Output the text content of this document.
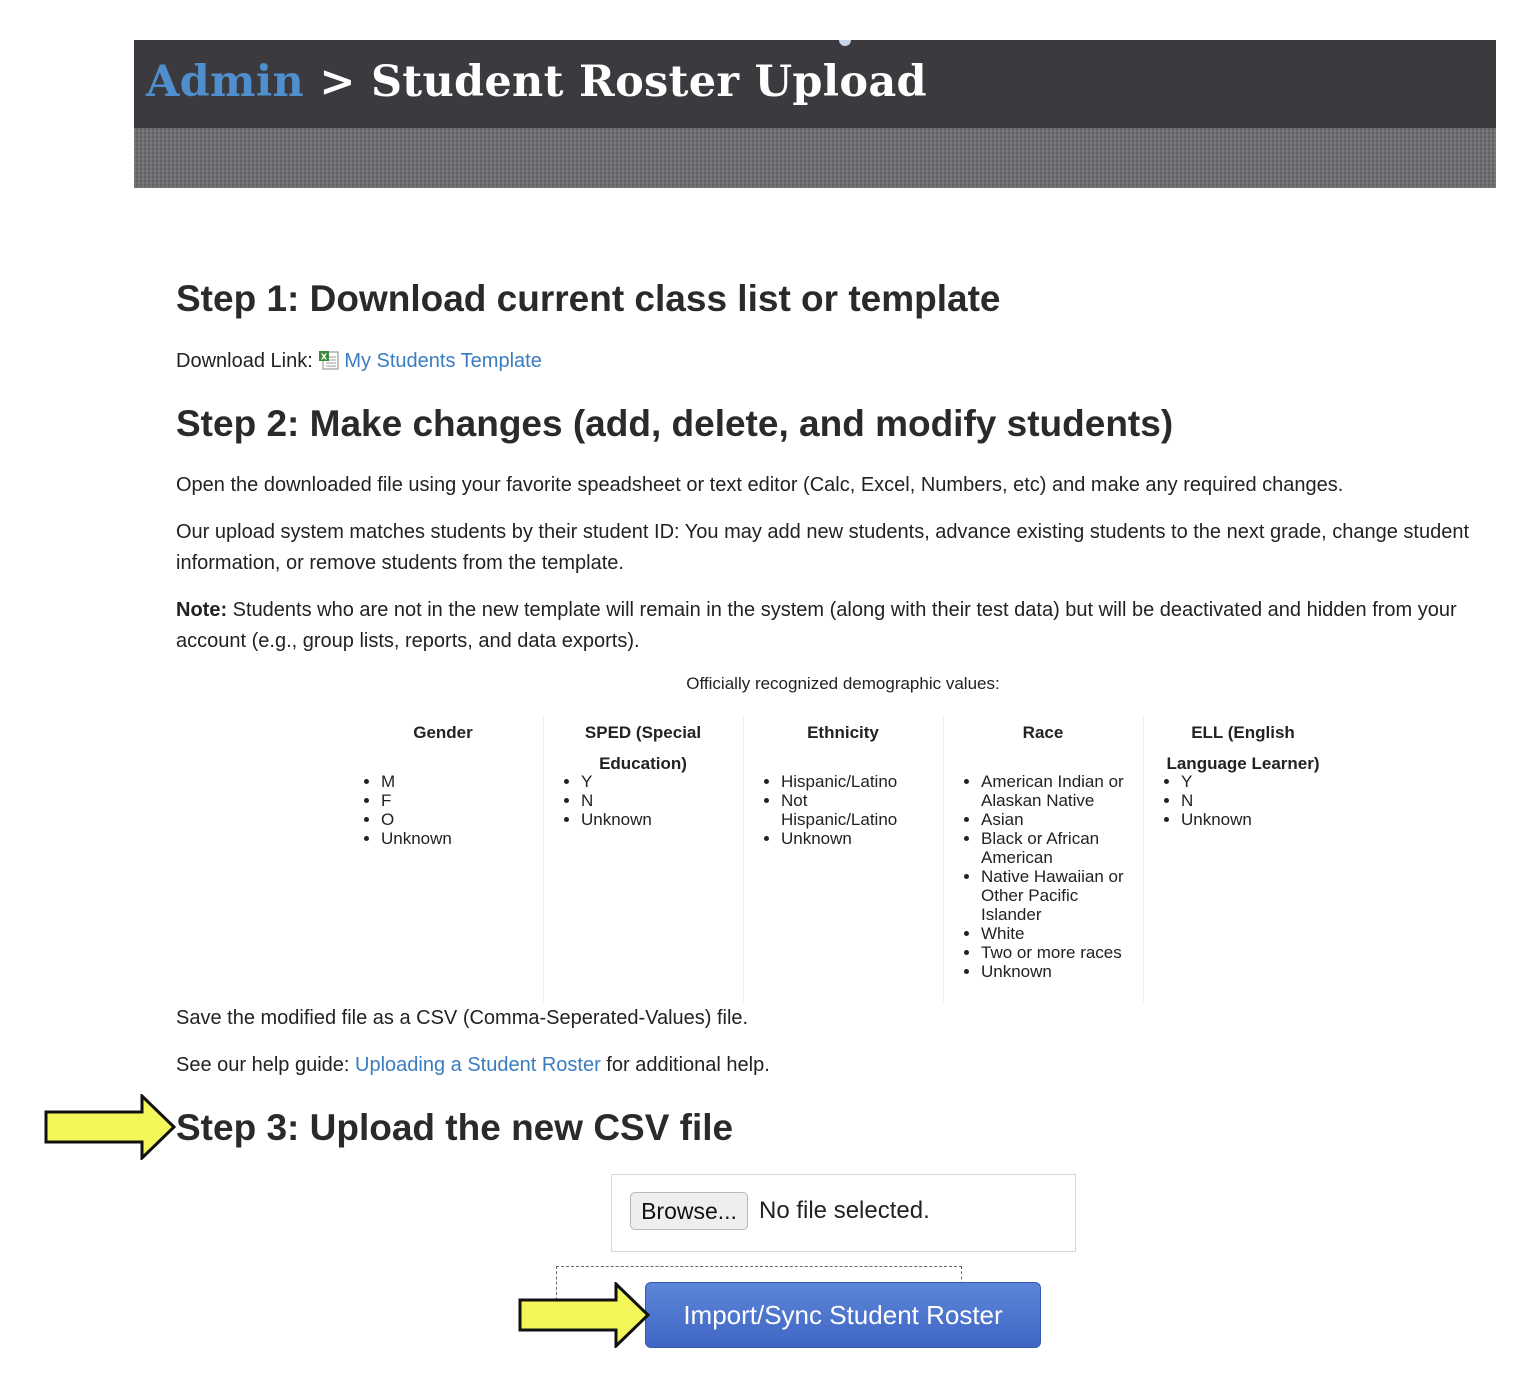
Admin > Student Roster Upload
Step 1: Download current class list or template

Download Link: X My Students Template

Step 2: Make changes (add, delete, and modify students)

Open the downloaded file using your favorite speadsheet or text editor (Calc, Excel, Numbers, etc) and make any required changes.

Our upload system matches students by their student ID: You may add new students, advance existing students to the next grade, change student information, or remove students from the template.

Note: Students who are not in the new template will remain in the system (along with their test data) but will be deactivated and hidden from your account (e.g., group lists, reports, and data exports).

Officially recognized demographic values:
Gender
• M
• F
• O
• Unknown
SPED (Special Education)
• Y
• N
• Unknown
Ethnicity
• Hispanic/Latino
• Not Hispanic/Latino
• Unknown
Race
• American Indian or Alaskan Native
• Asian
• Black or African American
• Native Hawaiian or Other Pacific Islander
• White
• Two or more races
• Unknown
ELL (English Language Learner)
• Y
• N
• Unknown

Save the modified file as a CSV (Comma-Seperated-Values) file.

See our help guide: Uploading a Student Roster for additional help.

Step 3: Upload the new CSV file
Browse... No file selected.
Import/Sync Student Roster
